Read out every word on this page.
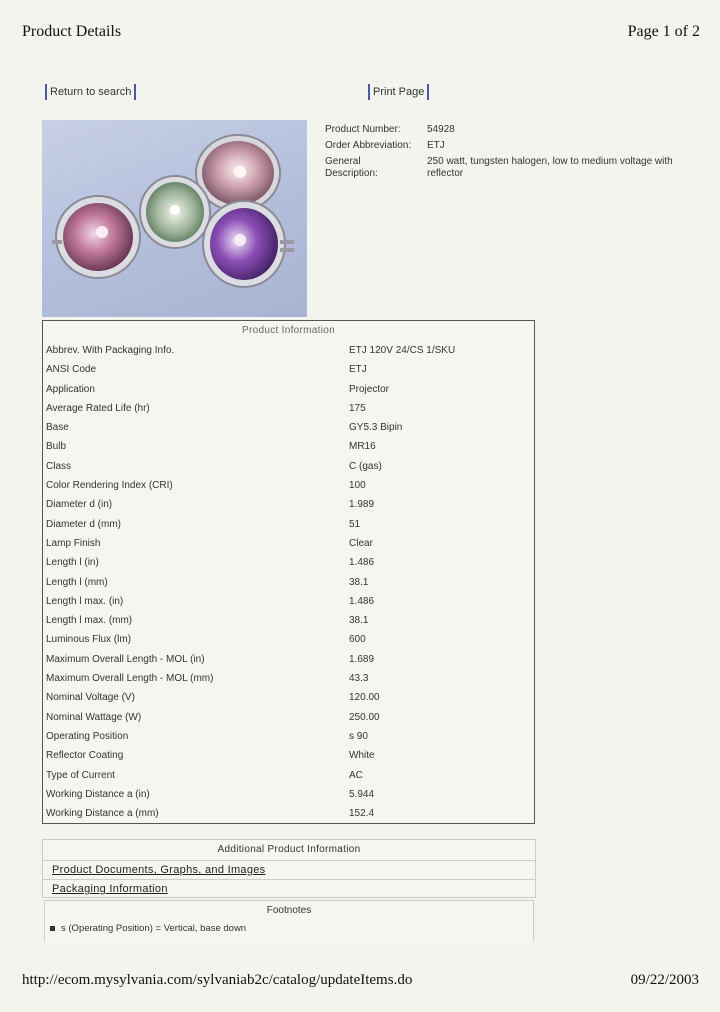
Product Details	Page 1 of 2
Return to search	Print Page
Product Number:	54928
Order Abbreviation:	ETJ
General
Description:
250 watt, tungsten halogen, low to medium voltage with reflector
Product Information
Abbrev. With Packaging Info.	ETJ 120V 24/CS 1/SKU
ANSI Code	ETJ
Application	Projector
Average Rated Life (hr)	175
Base	GY5.3 Bipin
Bulb	MR16
Class	C (gas)
Color Rendering Index (CRI)	100
Diameter d (in)	1.989
Diameter d (mm)	51
Lamp Finish	Clear
Length l (in)	1.486
Length l (mm)	38.1
Length l max. (in)	1.486
Length l max. (mm)	38.1
Luminous Flux (lm)	600
Maximum Overall Length - MOL (in)	1.689
Maximum Overall Length - MOL (mm)	43.3
Nominal Voltage (V)	120.00
Nominal Wattage (W)	250.00
Operating Position	s 90
Reflector Coating	White
Type of Current	AC
Working Distance a (in)	5.944
Working Distance a (mm)	152.4
Additional Product Information
Product Documents, Graphs, and Images
Packaging Information
Footnotes
s (Operating Position) = Vertical, base down
http://ecom.mysylvania.com/sylvaniab2c/catalog/updateItems.do	09/22/2003
